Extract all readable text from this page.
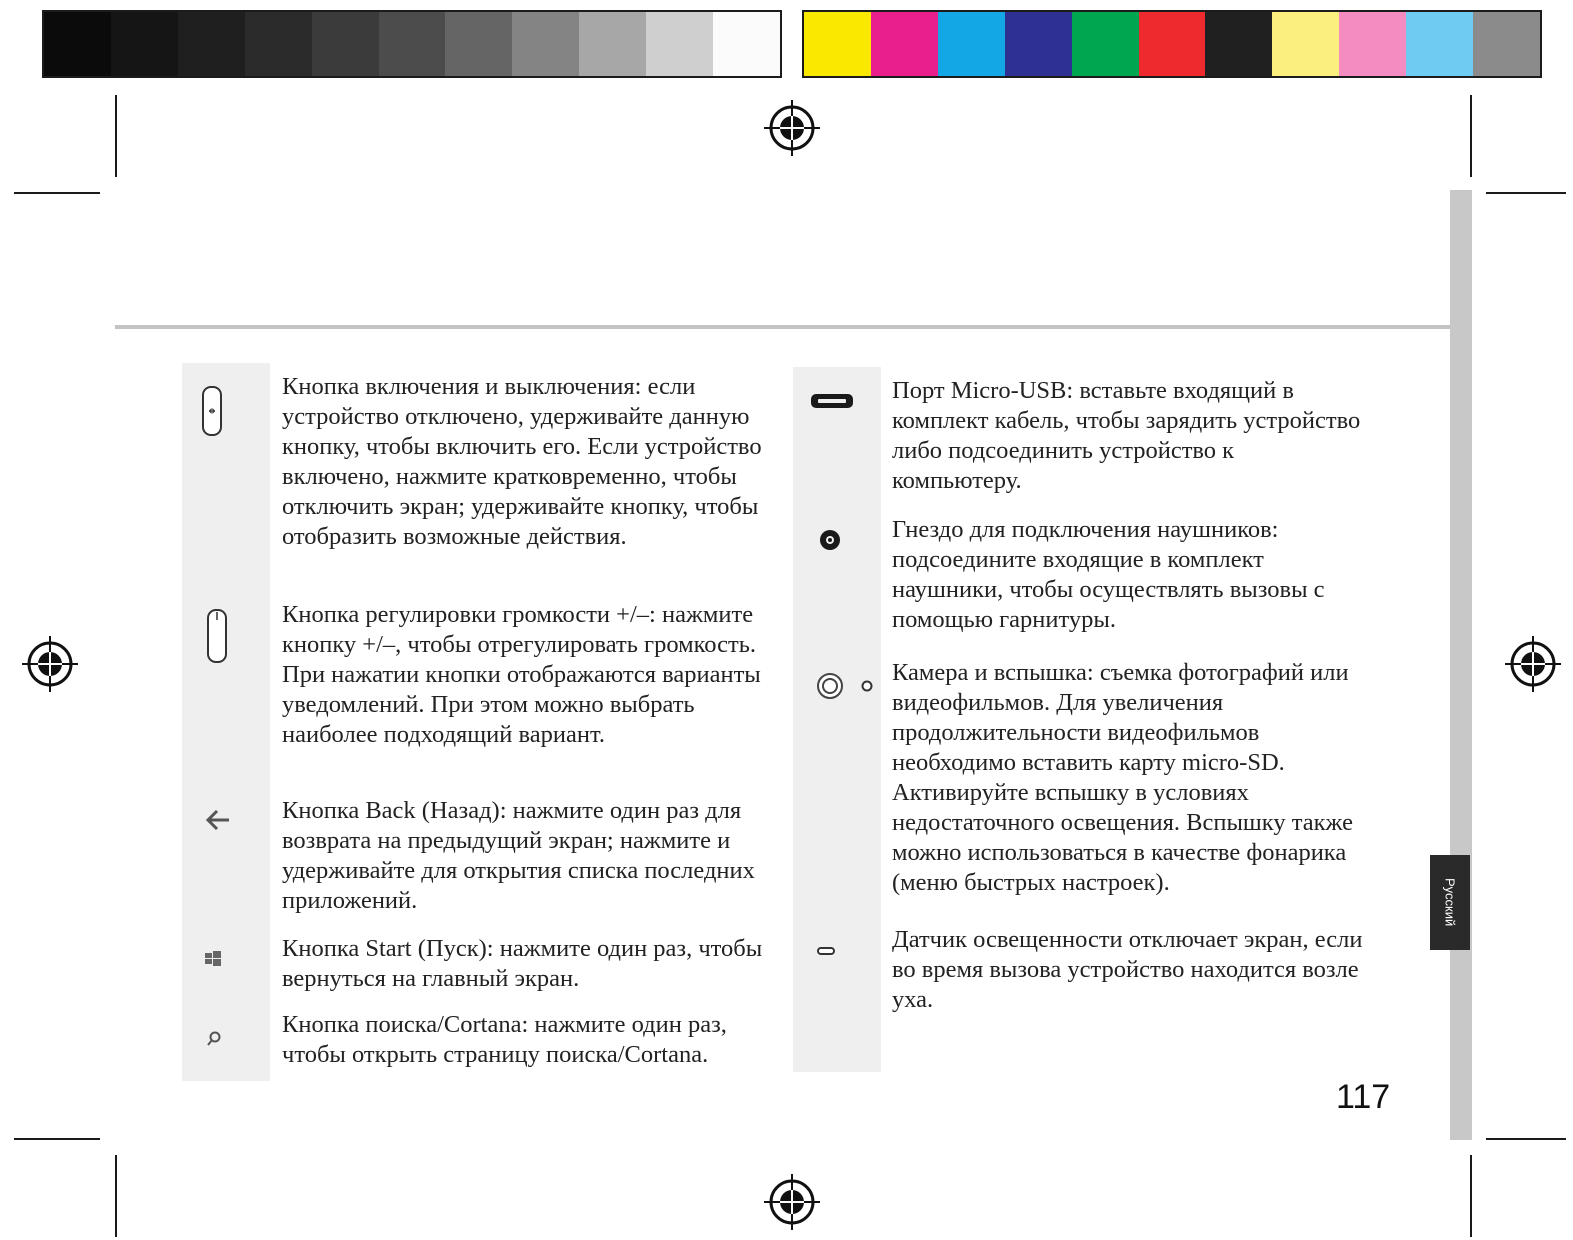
Русский

Кнопка включения и выключения: если устройство отключено, удерживайте данную кнопку, чтобы включить его. Если устройство включено, нажмите кратковременно, чтобы отключить экран; удерживайте кнопку, чтобы отобразить возможные действия.

Кнопка регулировки громкости +/–: нажмите кнопку +/–, чтобы отрегулировать громкость. При нажатии кнопки отображаются варианты уведомлений. При этом можно выбрать наиболее подходящий вариант.

Кнопка Back (Назад): нажмите один раз для возврата на предыдущий экран; нажмите и удерживайте для открытия списка последних приложений.

Кнопка Start (Пуск): нажмите один раз, чтобы вернуться на главный экран.

Кнопка поиска/Cortana: нажмите один раз, чтобы открыть страницу поиска/Cortana.

Порт Micro-USB: вставьте входящий в комплект кабель, чтобы зарядить устройство либо подсоединить устройство к компьютеру.

Гнездо для подключения наушников: подсоедините входящие в комплект наушники, чтобы осуществлять вызовы с помощью гарнитуры.

Камера и вспышка: съемка фотографий или видеофильмов. Для увеличения продолжительности видеофильмов необходимо вставить карту micro-SD. Активируйте вспышку в условиях недостаточного освещения. Вспышку также можно использоваться в качестве фонарика (меню быстрых настроек).

Датчик освещенности отключает экран, если во время вызова устройство находится возле уха.

117
